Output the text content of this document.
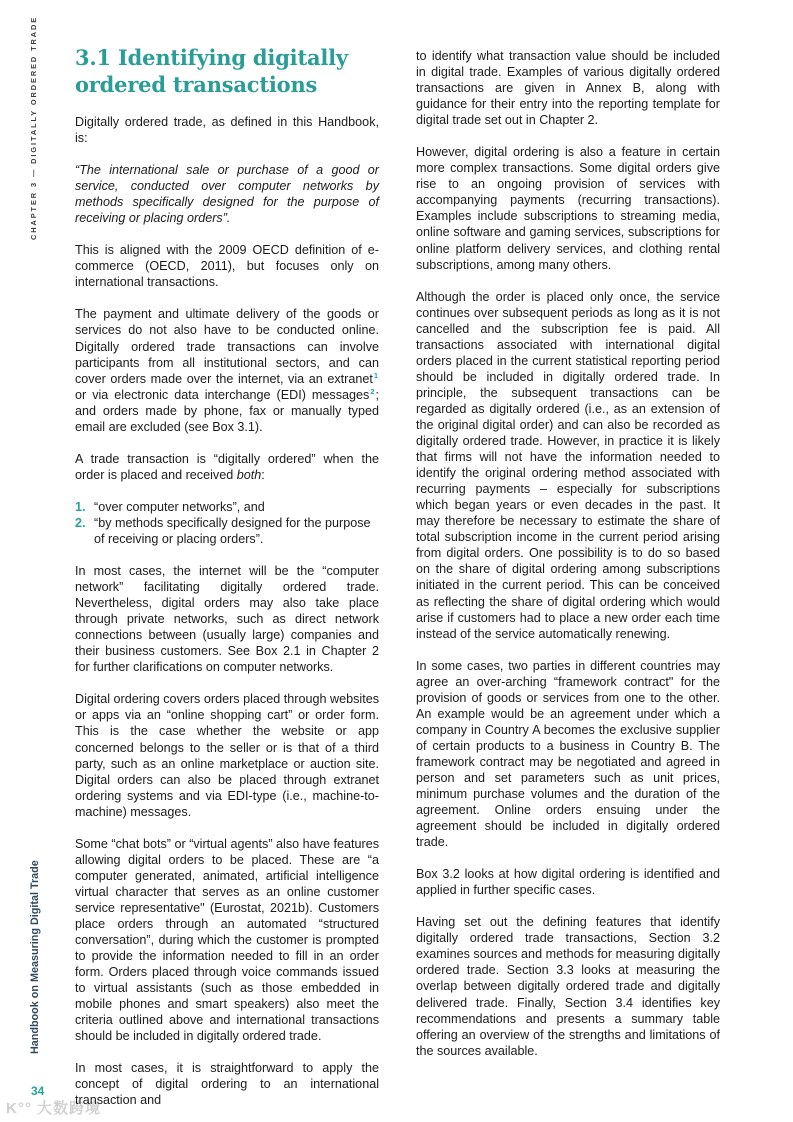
CHAPTER 3 — DIGITALLY ORDERED TRADE
Handbook on Measuring Digital Trade
34
K°° 大数跨境
3.1 Identifying digitally ordered transactions

Digitally ordered trade, as defined in this Handbook, is:

“The international sale or purchase of a good or service, conducted over computer networks by methods specifically designed for the purpose of receiving or placing orders”.

This is aligned with the 2009 OECD definition of e-commerce (OECD, 2011), but focuses only on international transactions.

The payment and ultimate delivery of the goods or services do not also have to be conducted online. Digitally ordered trade transactions can involve participants from all institutional sectors, and can cover orders made over the internet, via an extranet$^1$ or via electronic data interchange (EDI) messages$^2$; and orders made by phone, fax or manually typed email are excluded (see Box 3.1).

A trade transaction is “digitally ordered” when the order is placed and received both:

1. “over computer networks”, and
2. “by methods specifically designed for the purpose of receiving or placing orders”.

In most cases, the internet will be the “computer network” facilitating digitally ordered trade. Nevertheless, digital orders may also take place through private networks, such as direct network connections between (usually large) companies and their business customers. See Box 2.1 in Chapter 2 for further clarifications on computer networks.

Digital ordering covers orders placed through websites or apps via an “online shopping cart” or order form. This is the case whether the website or app concerned belongs to the seller or is that of a third party, such as an online marketplace or auction site. Digital orders can also be placed through extranet ordering systems and via EDI-type (i.e., machine-to-machine) messages.

Some “chat bots” or “virtual agents” also have features allowing digital orders to be placed. These are “a computer generated, animated, artificial intelligence virtual character that serves as an online customer service representative" (Eurostat, 2021b). Customers place orders through an automated “structured conversation”, during which the customer is prompted to provide the information needed to fill in an order form. Orders placed through voice commands issued to virtual assistants (such as those embedded in mobile phones and smart speakers) also meet the criteria outlined above and international transactions should be included in digitally ordered trade.

In most cases, it is straightforward to apply the concept of digital ordering to an international transaction and

to identify what transaction value should be included in digital trade. Examples of various digitally ordered transactions are given in Annex B, along with guidance for their entry into the reporting template for digital trade set out in Chapter 2.

However, digital ordering is also a feature in certain more complex transactions. Some digital orders give rise to an ongoing provision of services with accompanying payments (recurring transactions). Examples include subscriptions to streaming media, online software and gaming services, subscriptions for online platform delivery services, and clothing rental subscriptions, among many others.

Although the order is placed only once, the service continues over subsequent periods as long as it is not cancelled and the subscription fee is paid. All transactions associated with international digital orders placed in the current statistical reporting period should be included in digitally ordered trade. In principle, the subsequent transactions can be regarded as digitally ordered (i.e., as an extension of the original digital order) and can also be recorded as digitally ordered trade. However, in practice it is likely that firms will not have the information needed to identify the original ordering method associated with recurring payments – especially for subscriptions which began years or even decades in the past. It may therefore be necessary to estimate the share of total subscription income in the current period arising from digital orders. One possibility is to do so based on the share of digital ordering among subscriptions initiated in the current period. This can be conceived as reflecting the share of digital ordering which would arise if customers had to place a new order each time instead of the service automatically renewing.

In some cases, two parties in different countries may agree an over-arching “framework contract" for the provision of goods or services from one to the other. An example would be an agreement under which a company in Country A becomes the exclusive supplier of certain products to a business in Country B. The framework contract may be negotiated and agreed in person and set parameters such as unit prices, minimum purchase volumes and the duration of the agreement. Online orders ensuing under the agreement should be included in digitally ordered trade.

Box 3.2 looks at how digital ordering is identified and applied in further specific cases.

Having set out the defining features that identify digitally ordered trade transactions, Section 3.2 examines sources and methods for measuring digitally ordered trade. Section 3.3 looks at measuring the overlap between digitally ordered trade and digitally delivered trade. Finally, Section 3.4 identifies key recommendations and presents a summary table offering an overview of the strengths and limitations of the sources available.
